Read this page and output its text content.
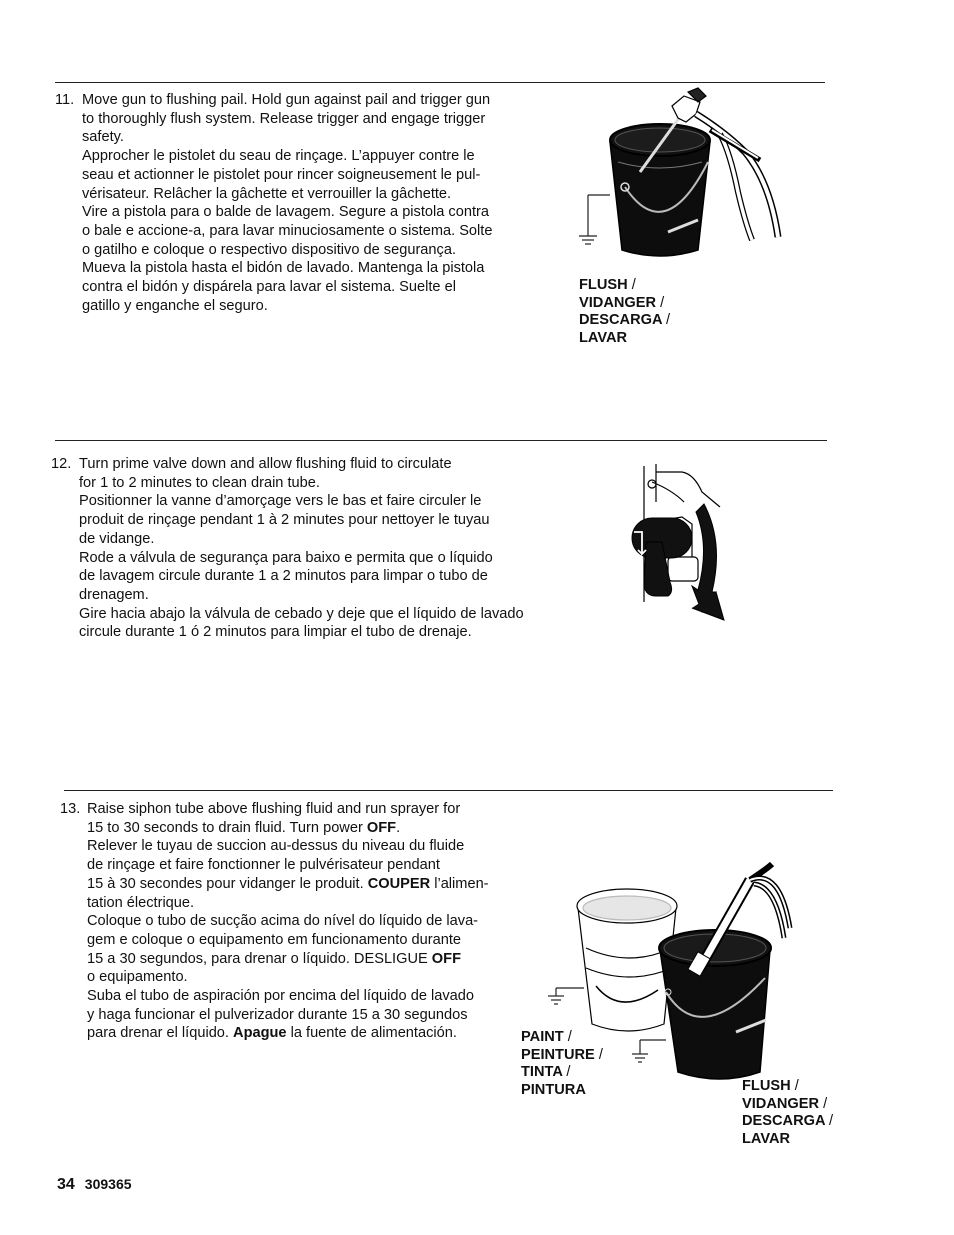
11. Move gun to flushing pail. Hold gun against pail and trigger gun

to thoroughly flush system. Release trigger and engage trigger

safety.

Approcher le pistolet du seau de rinçage. L’appuyer contre le

seau et actionner le pistolet pour rincer soigneusement le pul-

vérisateur. Relâcher la gâchette et verrouiller la gâchette.

Vire a pistola para o balde de lavagem. Segure a pistola contra

o bale e accione-a, para lavar minuciosamente o sistema. Solte

o gatilho e coloque o respectivo dispositivo de segurança.

Mueva la pistola hasta el bidón de lavado. Mantenga la pistola

contra el bidón y dispárela para lavar el sistema. Suelte el

gatillo y enganche el seguro.

FLUSH /
VIDANGER /
DESCARGA /
LAVAR
12. Turn prime valve down and allow flushing fluid to circulate

for 1 to 2 minutes to clean drain tube.

Positionner la vanne d’amorçage vers le bas et faire circuler le

produit de rinçage pendant 1 à 2 minutes pour nettoyer le tuyau

de vidange.

Rode a válvula de segurança para baixo e permita que o líquido

de lavagem circule durante 1 a 2 minutos para limpar o tubo de

drenagem.

Gire hacia abajo la válvula de cebado y deje que el líquido de lavado

circule durante 1 ó 2 minutos para limpiar el tubo de drenaje.

13. Raise siphon tube above flushing fluid and run sprayer for

15 to 30 seconds to drain fluid. Turn power OFF.

Relever le tuyau de succion au-dessus du niveau du fluide

de rinçage et faire fonctionner le pulvérisateur pendant

15 à 30 secondes pour vidanger le produit. COUPER l’alimen-

tation électrique.

Coloque o tubo de sucção acima do nível do líquido de lava-

gem e coloque o equipamento em funcionamento durante

15 a 30 segundos, para drenar o líquido. DESLIGUE OFF

o equipamento.

Suba el tubo de aspiración por encima del líquido de lavado

y haga funcionar el pulverizador durante 15 a 30 segundos

para drenar el líquido. Apague la fuente de alimentación.	PAINT /
PEINTURE /
TINTA /
PINTURA	FLUSH /
VIDANGER /
DESCARGA /
LAVAR
34 309365
